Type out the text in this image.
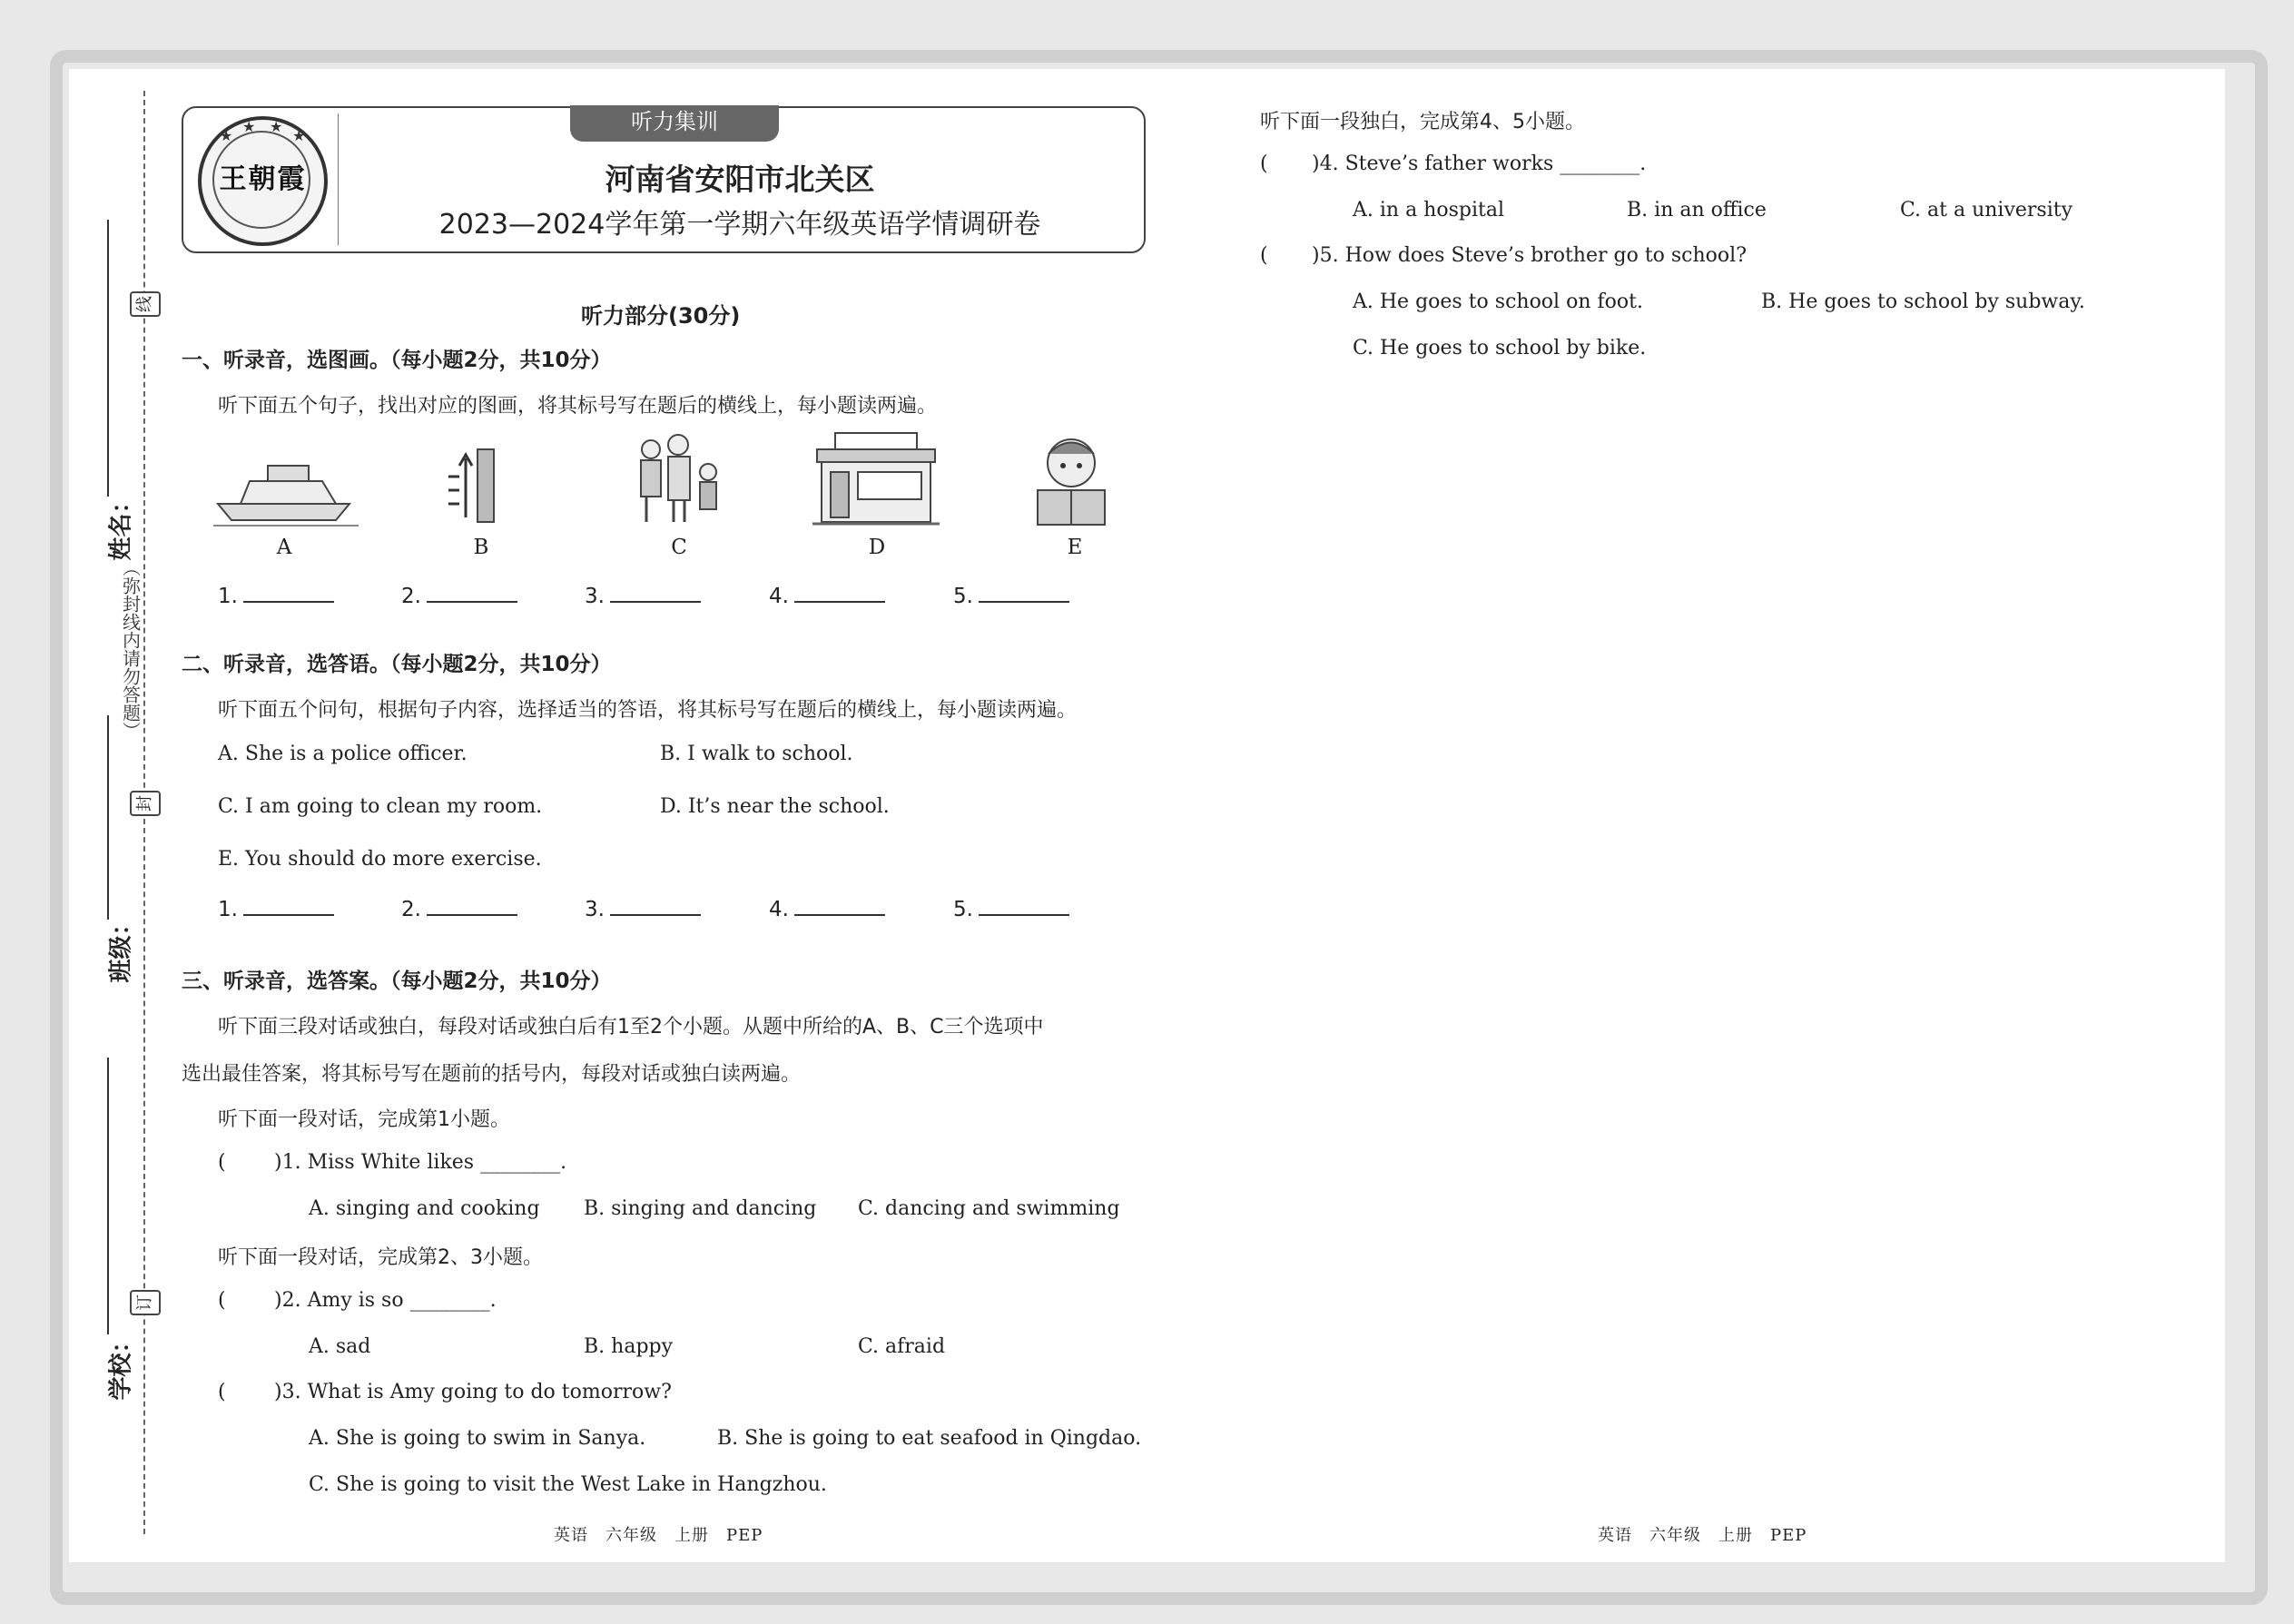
线
封
订
（弥封线内请勿答题）
姓名：
班级：
学校：
★
★ ★
★
王朝霞
听力集训
河南省安阳市北关区
2023—2024学年第一学期六年级英语学情调研卷
听力部分(30分)
一、听录音，选图画。（每小题2分，共10分）
听下面五个句子，找出对应的图画，将其标号写在题后的横线上，每小题读两遍。
A	B	C	D	E
1.	2.	3.	4.	5.
二、听录音，选答语。（每小题2分，共10分）
听下面五个问句，根据句子内容，选择适当的答语，将其标号写在题后的横线上，每小题读两遍。
A. She is a police officer.	B. I walk to school.
C. I am going to clean my room.	D. It’s near the school.
E. You should do more exercise.
1.	2.	3.	4.	5.
三、听录音，选答案。（每小题2分，共10分）
听下面三段对话或独白，每段对话或独白后有1至2个小题。从题中所给的A、B、C三个选项中
选出最佳答案，将其标号写在题前的括号内，每段对话或独白读两遍。
听下面一段对话，完成第1小题。
( )1. Miss White likes ________.
A. singing and cooking B. singing and dancing C. dancing and swimming
听下面一段对话，完成第2、3小题。
( )2. Amy is so ________.
A. sad	B. happy	C. afraid
( )3. What is Amy going to do tomorrow?
A. She is going to swim in Sanya.	B. She is going to eat seafood in Qingdao.
C. She is going to visit the West Lake in Hangzhou.
听下面一段独白，完成第4、5小题。
( )4. Steve’s father works ________.
A. in a hospital	B. in an office	C. at a university
( )5. How does Steve’s brother go to school?
A. He goes to school on foot.	B. He goes to school by subway.
C. He goes to school by bike.
英语　六年级　上册　PEP	英语　六年级　上册　PEP
